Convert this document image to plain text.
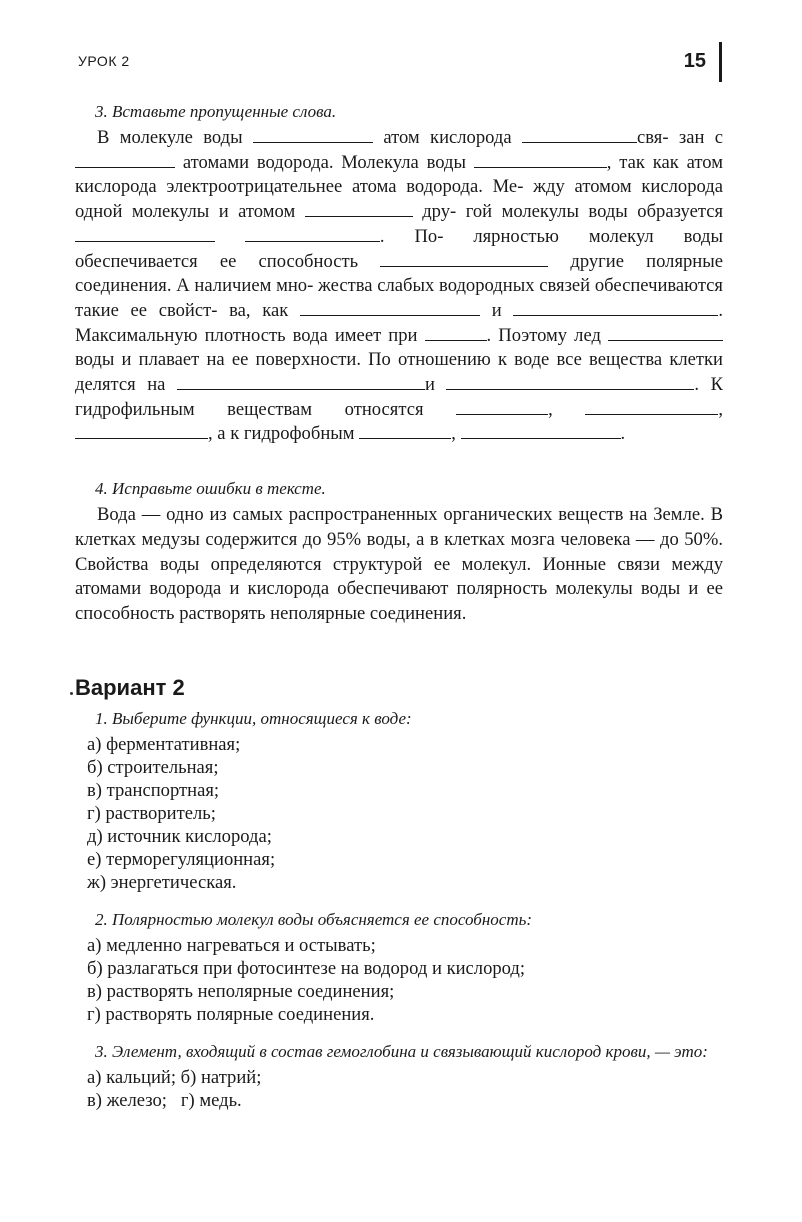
УРОК 2	15
3. Вставьте пропущенные слова.

В молекуле воды	атом кислорода	свя- зан с  атомами водорода. Молекула воды	, так как атом кислорода электроотрицательнее атома водорода. Ме- жду атомом кислорода одной молекулы и атомом	дру- гой молекулы воды образуется  . По- лярностью молекул воды обеспечивается ее способность	другие полярные соединения. А наличием мно- жества слабых водородных связей обеспечиваются такие ее свойст- ва, как	и	. Максимальную плотность вода имеет при	. Поэтому лед воды и плавает на ее поверхности. По отношению к воде все вещества клетки делятся на	и	. К гидрофильным веществам относятся	,	, , а к гидрофобным	,	.

4. Исправьте ошибки в тексте.

Вода — одно из самых распространенных органических веществ на Земле. В клетках медузы содержится до 95% воды, а в клетках мозга человека — до 50%. Свойства воды определяются структурой ее молекул. Ионные связи между атомами водорода и кислорода обеспечивают полярность молекулы воды и ее способность растворять неполярные соединения.

Вариант 2
1. Выберите функции, относящиеся к воде:
а) ферментативная;
б) строительная;
в) транспортная;
г) растворитель;
д) источник кислорода;
е) терморегуляционная;
ж) энергетическая.
2. Полярностью молекул воды объясняется ее способность:
а) медленно нагреваться и остывать;
б) разлагаться при фотосинтезе на водород и кислород;
в) растворять неполярные соединения;
г) растворять полярные соединения.
3. Элемент, входящий в состав гемоглобина и связывающий кислород крови, — это:
а) кальций; б) натрий;
в) железо;   г) медь.
